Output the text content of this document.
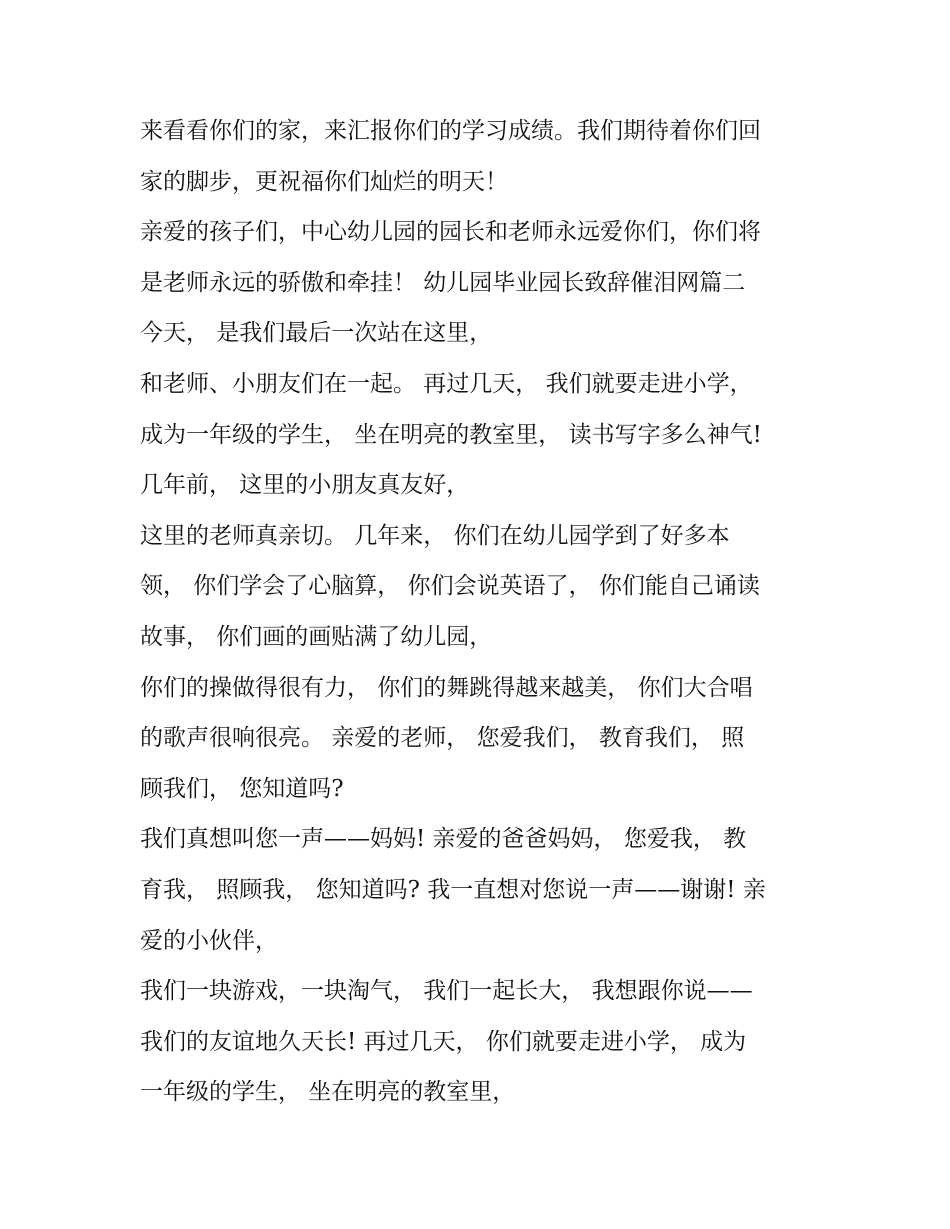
来看看你们的家，来汇报你们的学习成绩。我们期待着你们回
家的脚步，更祝福你们灿烂的明天！
亲爱的孩子们，中心幼儿园的园长和老师永远爱你们，你们将
是老师永远的骄傲和牵挂！ 幼儿园毕业园长致辞催泪网篇二
今天， 是我们最后一次站在这里，
和老师、小朋友们在一起。 再过几天， 我们就要走进小学，
成为一年级的学生， 坐在明亮的教室里， 读书写字多么神气!
几年前， 这里的小朋友真友好，
这里的老师真亲切。 几年来， 你们在幼儿园学到了好多本
领， 你们学会了心脑算， 你们会说英语了， 你们能自己诵读
故事， 你们画的画贴满了幼儿园，
你们的操做得很有力， 你们的舞跳得越来越美， 你们大合唱
的歌声很响很亮。 亲爱的老师， 您爱我们， 教育我们， 照
顾我们， 您知道吗?
我们真想叫您一声——妈妈! 亲爱的爸爸妈妈， 您爱我， 教
育我， 照顾我， 您知道吗? 我一直想对您说一声——谢谢! 亲
爱的小伙伴，
我们一块游戏，一块淘气， 我们一起长大， 我想跟你说——
我们的友谊地久天长! 再过几天， 你们就要走进小学， 成为
一年级的学生， 坐在明亮的教室里，
